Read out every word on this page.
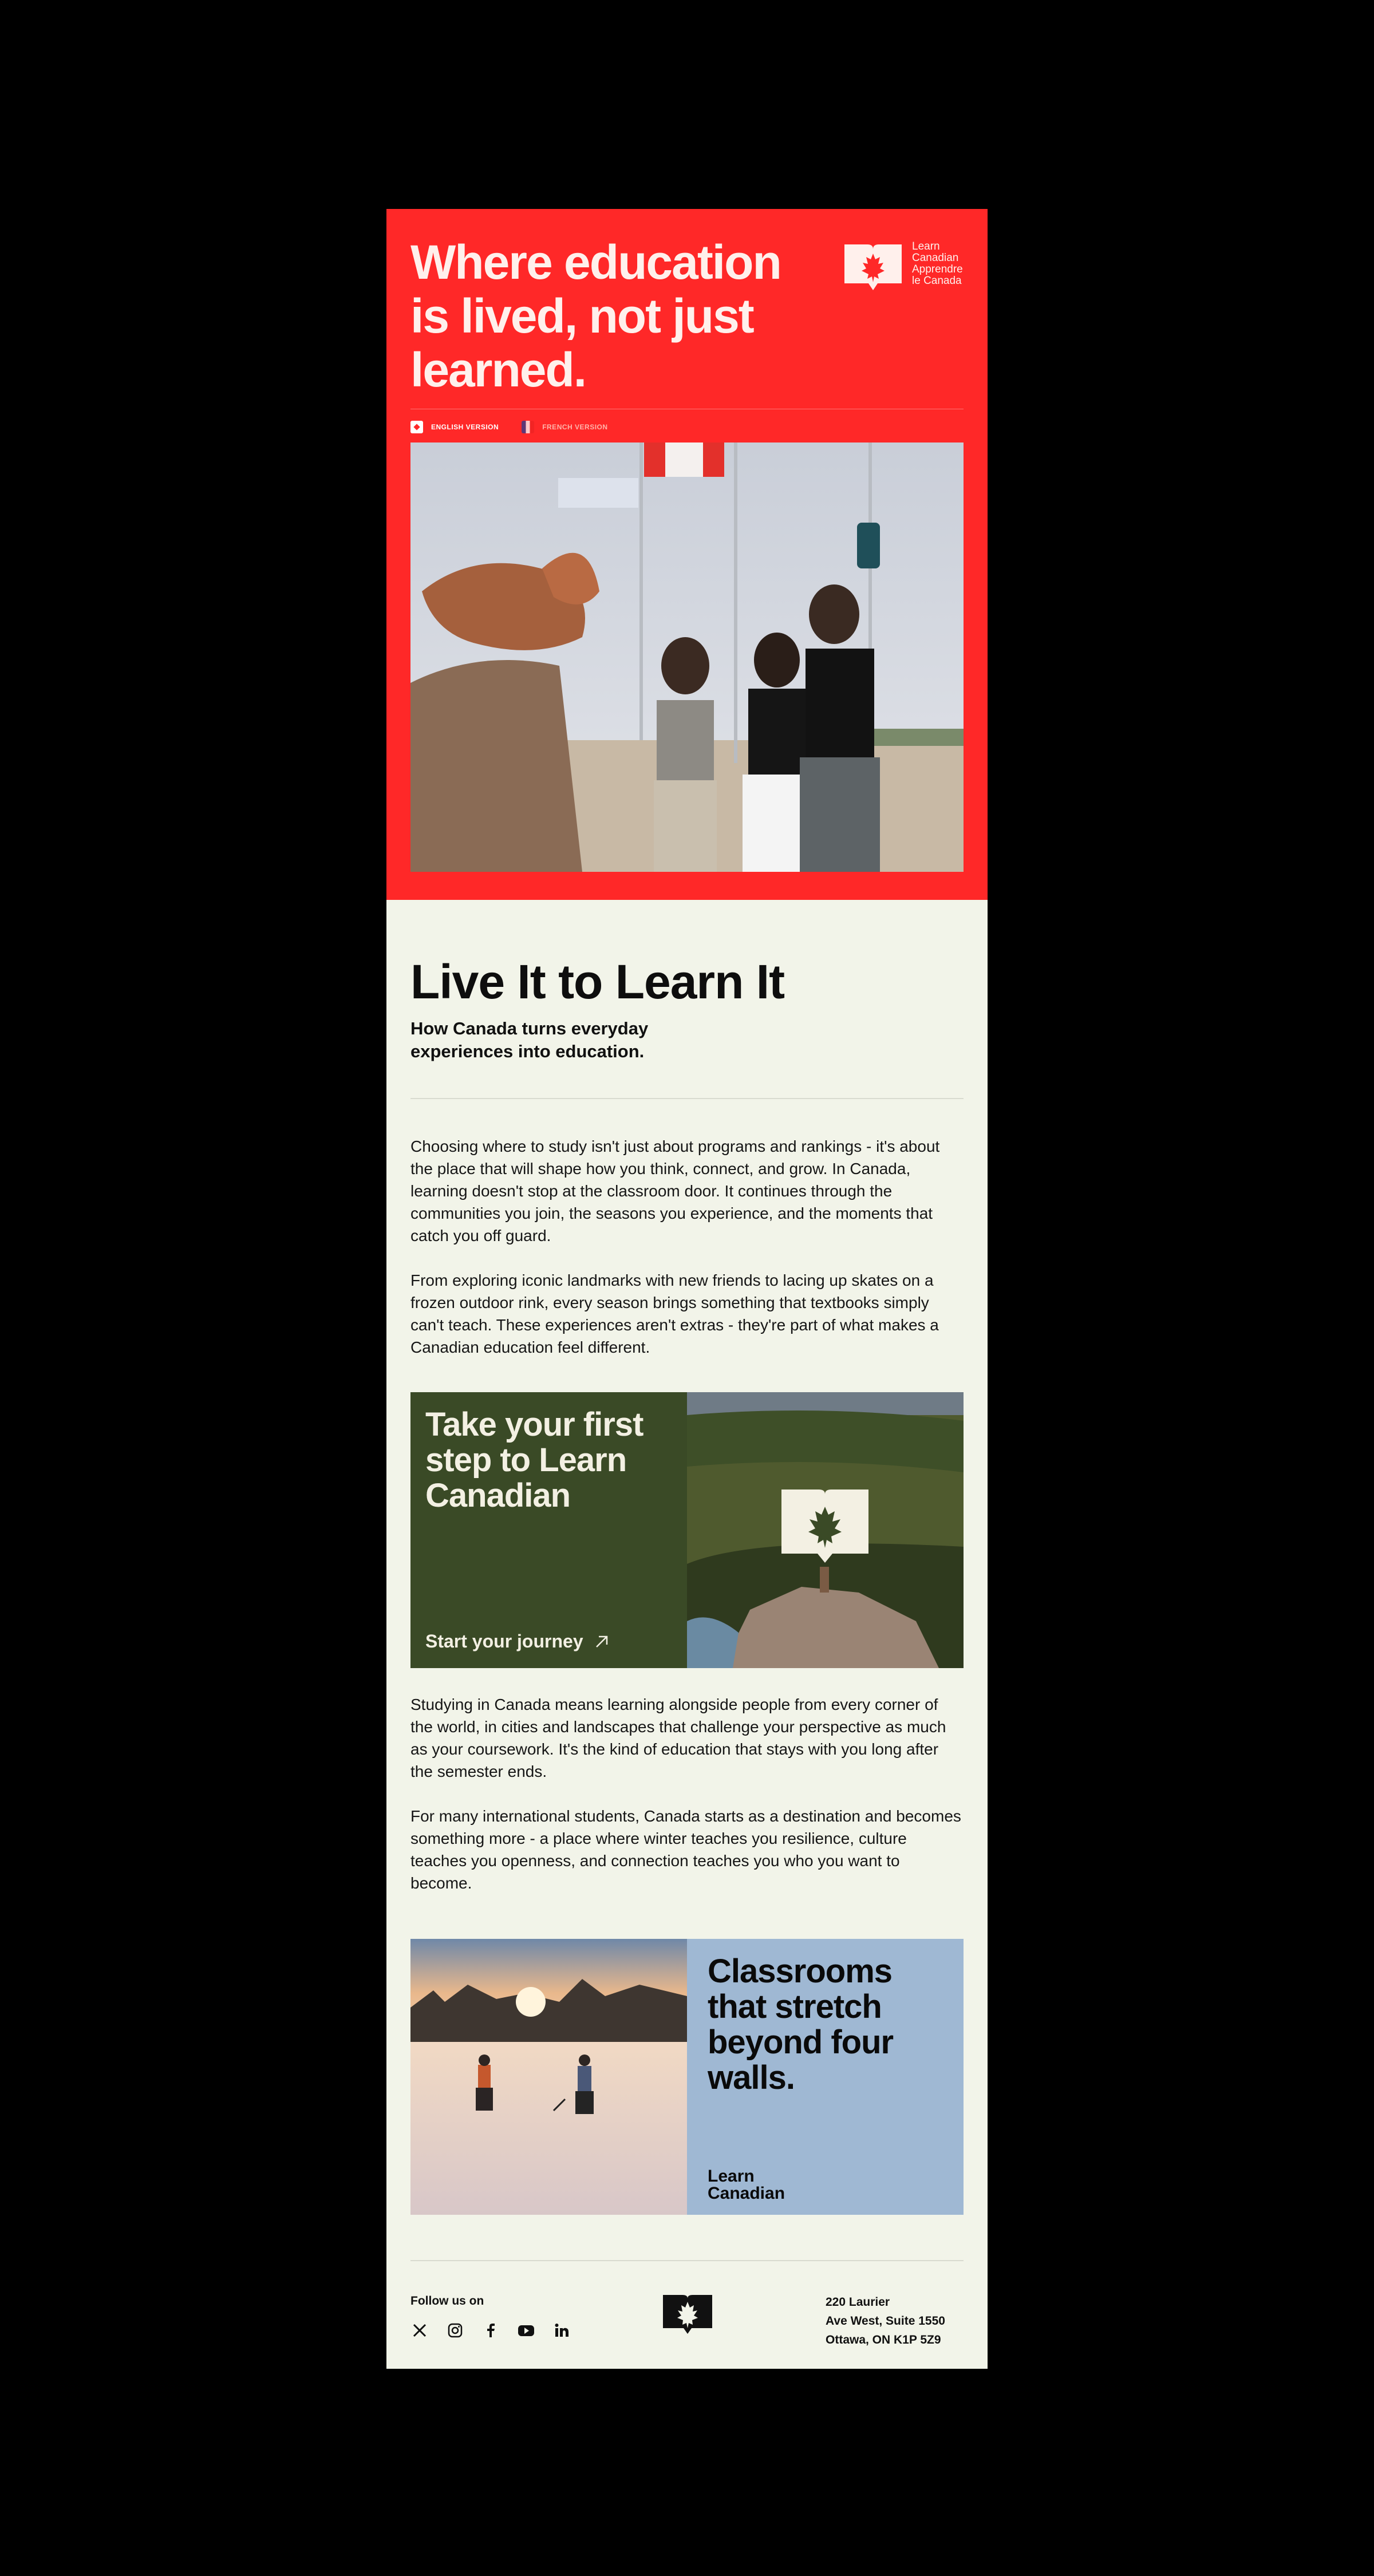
Where education is lived, not just learned.
Learn
Canadian
Apprendre
le Canada
ENGLISH VERSION	FRENCH VERSION
Live It to Learn It

How Canada turns everyday experiences into education.

Choosing where to study isn't just about programs and rankings - it's about the place that will shape how you think, connect, and grow. In Canada, learning doesn't stop at the classroom door. It continues through the communities you join, the seasons you experience, and the moments that catch you off guard.

From exploring iconic landmarks with new friends to lacing up skates on a frozen outdoor rink, every season brings something that textbooks simply can't teach. These experiences aren't extras - they're part of what makes a Canadian education feel different.

Take your first step to Learn Canadian
Start your journey

Studying in Canada means learning alongside people from every corner of the world, in cities and landscapes that challenge your perspective as much as your coursework. It's the kind of education that stays with you long after the semester ends.

For many international students, Canada starts as a destination and becomes something more - a place where winter teaches you resilience, culture teaches you openness, and connection teaches you who you want to become.

Classrooms that stretch beyond four walls.
Learn
Canadian
Follow us on	220 Laurier
Ave West, Suite 1550
Ottawa, ON K1P 5Z9
